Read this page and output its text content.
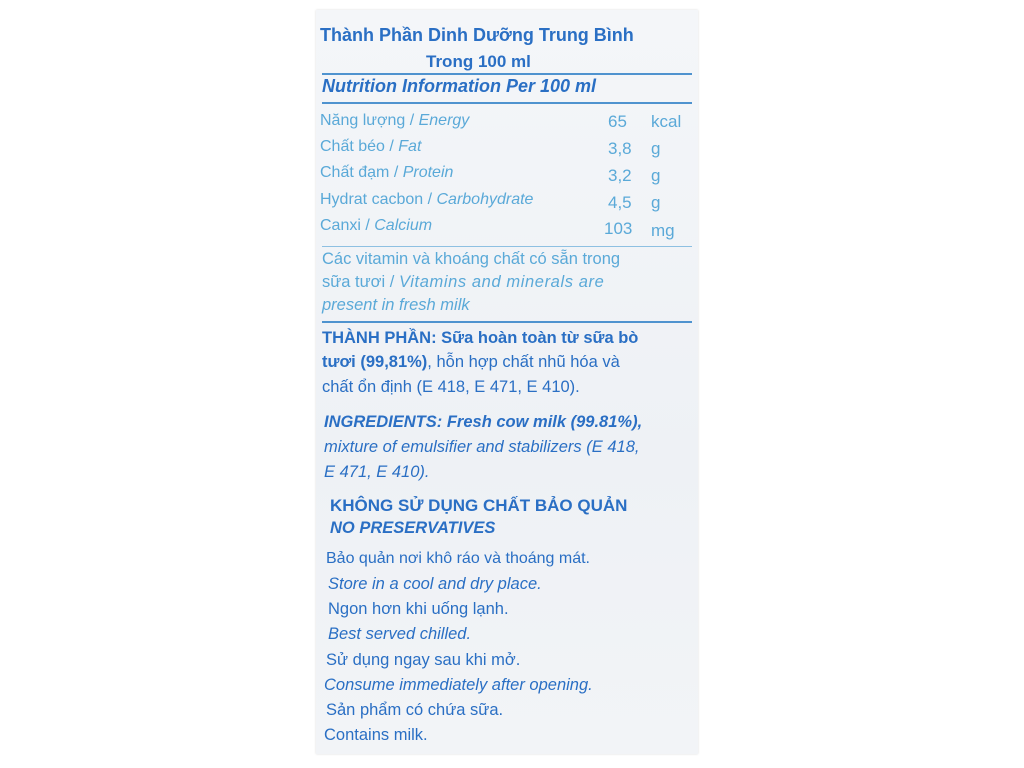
Thành Phần Dinh Dưỡng Trung Bình

Trong 100 ml

Nutrition Information Per 100 ml

Năng lượng / Energy	65 kcal

Chất béo / Fat	3,8 g

Chất đạm / Protein	3,2 g

Hydrat cacbon / Carbohydrate	4,5 g

Canxi / Calcium	103 mg

Các vitamin và khoáng chất có sẵn trong

sữa tươi / Vitamins and minerals are

present in fresh milk

THÀNH PHẦN: Sữa hoàn toàn từ sữa bò

tươi (99,81%), hỗn hợp chất nhũ hóa và

chất ổn định (E 418, E 471, E 410).

INGREDIENTS: Fresh cow milk (99.81%),

mixture of emulsifier and stabilizers (E 418,

E 471, E 410).

KHÔNG SỬ DỤNG CHẤT BẢO QUẢN

NO PRESERVATIVES

Bảo quản nơi khô ráo và thoáng mát.

Store in a cool and dry place.

Ngon hơn khi uống lạnh.

Best served chilled.

Sử dụng ngay sau khi mở.

Consume immediately after opening.

Sản phẩm có chứa sữa.

Contains milk.
